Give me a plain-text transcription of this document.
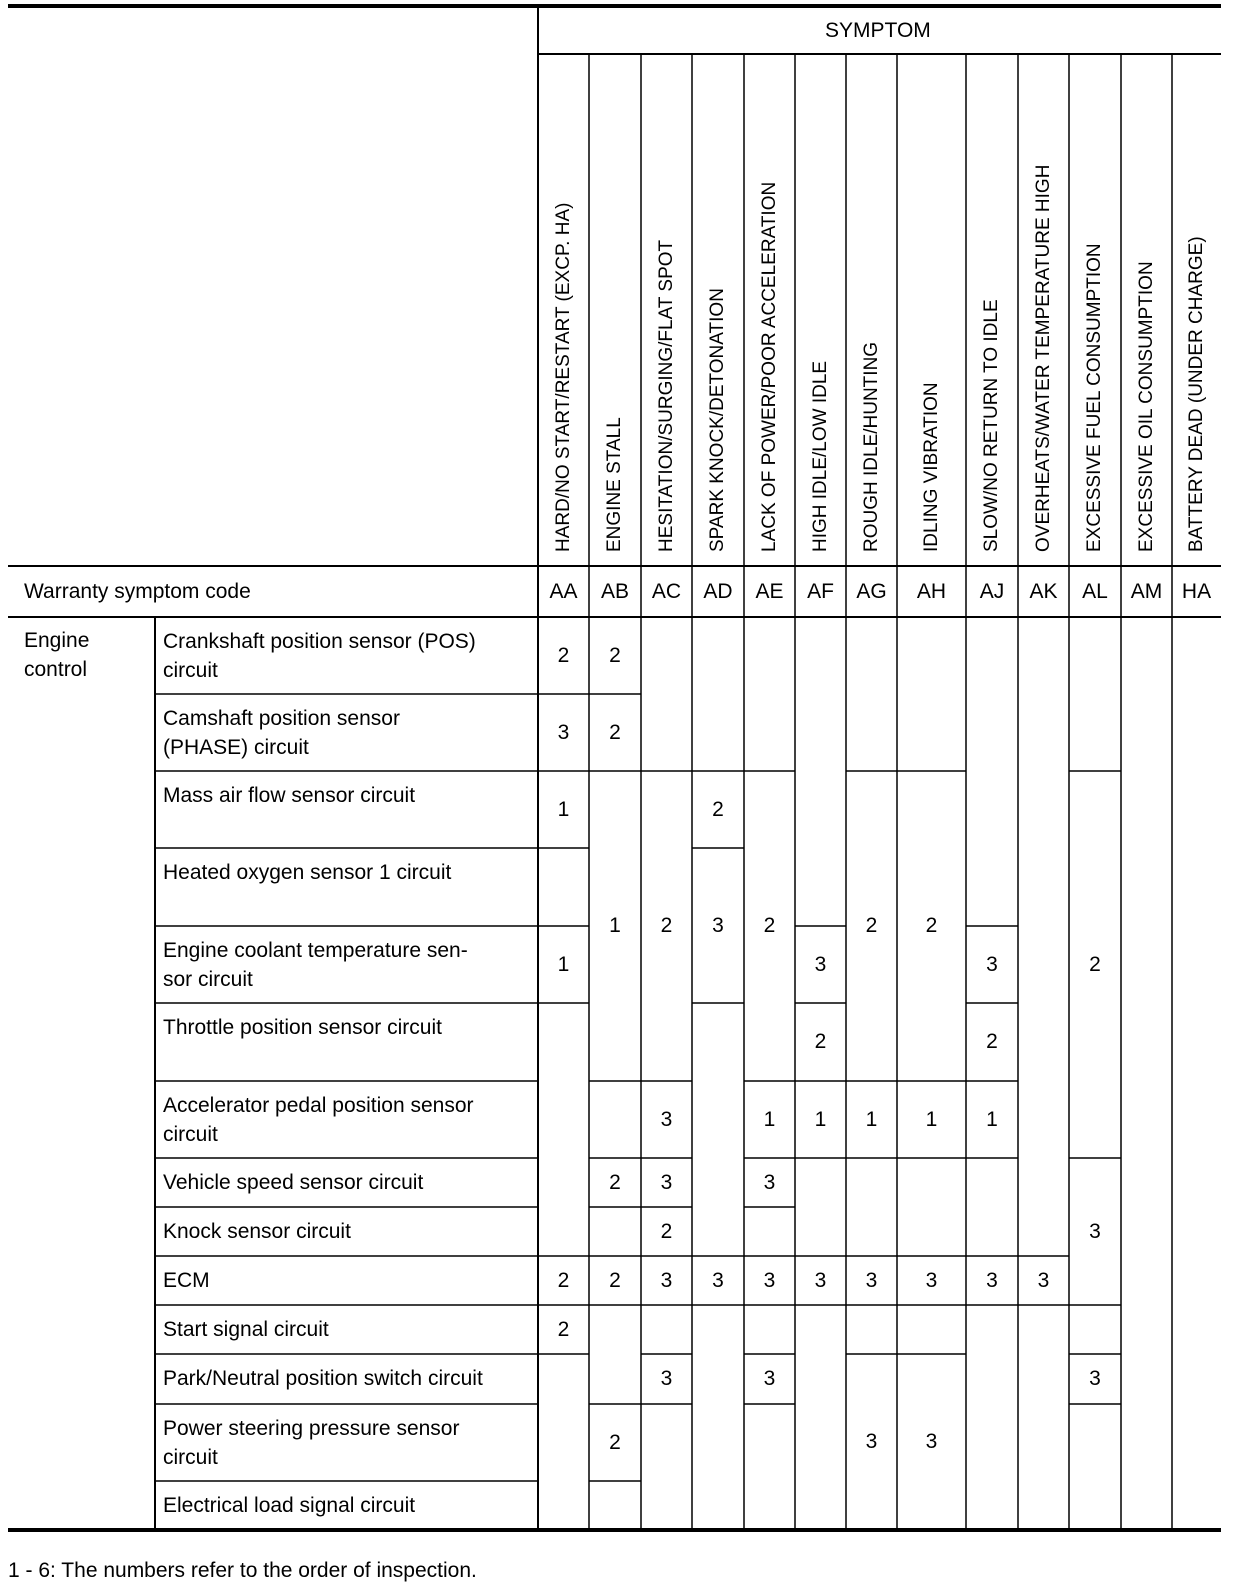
SYMPTOM
Warranty symptom code
Engine
control
1 - 6: The numbers refer to the order of inspection.
HARD/NO START/RESTART (EXCP. HA)
AA
ENGINE STALL
AB
HESITATION/SURGING/FLAT SPOT
AC
SPARK KNOCK/DETONATION
AD
LACK OF POWER/POOR ACCELERATION
AE
HIGH IDLE/LOW IDLE
AF
ROUGH IDLE/HUNTING
AG
IDLING VIBRATION
AH
SLOW/NO RETURN TO IDLE
AJ
OVERHEATS/WATER TEMPERATURE HIGH
AK
EXCESSIVE FUEL CONSUMPTION
AL
EXCESSIVE OIL CONSUMPTION
AM
BATTERY DEAD (UNDER CHARGE)
HA
Crankshaft position sensor (POS)
circuit
Camshaft position sensor
(PHASE) circuit
Mass air flow sensor circuit
Heated oxygen sensor 1 circuit
Engine coolant temperature sen-
sor circuit
Throttle position sensor circuit
Accelerator pedal position sensor
circuit
Vehicle speed sensor circuit
Knock sensor circuit
ECM
Start signal circuit
Park/Neutral position switch circuit
Power steering pressure sensor
circuit
Electrical load signal circuit
2
3
1
1
2
2
2
2
1
2
2
2
2
3
3
2
3
3
2
3
3
2
1
3
3
3
3
2
1
3
2
1
3
3
2
1
3
3
3
2
1
3 3
2
3
3
